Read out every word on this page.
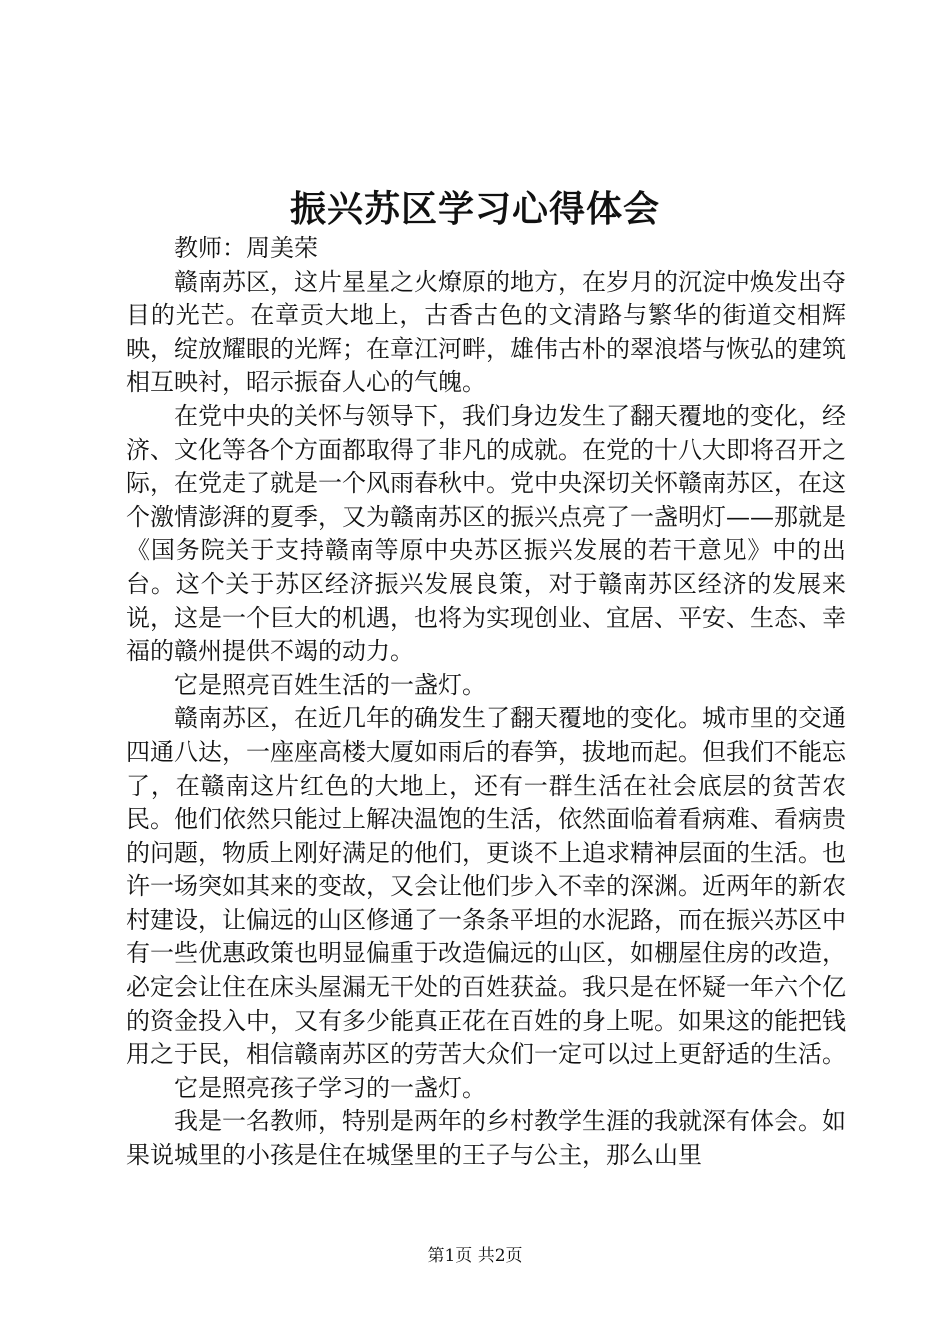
振兴苏区学习心得体会

教师：周美荣

赣南苏区，这片星星之火燎原的地方，在岁月的沉淀中焕发出夺目的光芒。在章贡大地上，古香古色的文清路与繁华的街道交相辉映，绽放耀眼的光辉；在章江河畔，雄伟古朴的翠浪塔与恢弘的建筑相互映衬，昭示振奋人心的气魄。

在党中央的关怀与领导下，我们身边发生了翻天覆地的变化，经济、文化等各个方面都取得了非凡的成就。在党的十八大即将召开之际，在党走了就是一个风雨春秋中。党中央深切关怀赣南苏区，在这个激情澎湃的夏季，又为赣南苏区的振兴点亮了一盏明灯——那就是《国务院关于支持赣南等原中央苏区振兴发展的若干意见》中的出台。这个关于苏区经济振兴发展良策，对于赣南苏区经济的发展来说，这是一个巨大的机遇，也将为实现创业、宜居、平安、生态、幸福的赣州提供不竭的动力。

它是照亮百姓生活的一盏灯。

赣南苏区，在近几年的确发生了翻天覆地的变化。城市里的交通四通八达，一座座高楼大厦如雨后的春笋，拔地而起。但我们不能忘了，在赣南这片红色的大地上，还有一群生活在社会底层的贫苦农民。他们依然只能过上解决温饱的生活，依然面临着看病难、看病贵的问题，物质上刚好满足的他们，更谈不上追求精神层面的生活。也许一场突如其来的变故，又会让他们步入不幸的深渊。近两年的新农村建设，让偏远的山区修通了一条条平坦的水泥路，而在振兴苏区中有一些优惠政策也明显偏重于改造偏远的山区，如棚屋住房的改造，必定会让住在床头屋漏无干处的百姓获益。我只是在怀疑一年六个亿的资金投入中，又有多少能真正花在百姓的身上呢。如果这的能把钱用之于民，相信赣南苏区的劳苦大众们一定可以过上更舒适的生活。

它是照亮孩子学习的一盏灯。

我是一名教师，特别是两年的乡村教学生涯的我就深有体会。如果说城里的小孩是住在城堡里的王子与公主，那么山里

第1页 共2页
